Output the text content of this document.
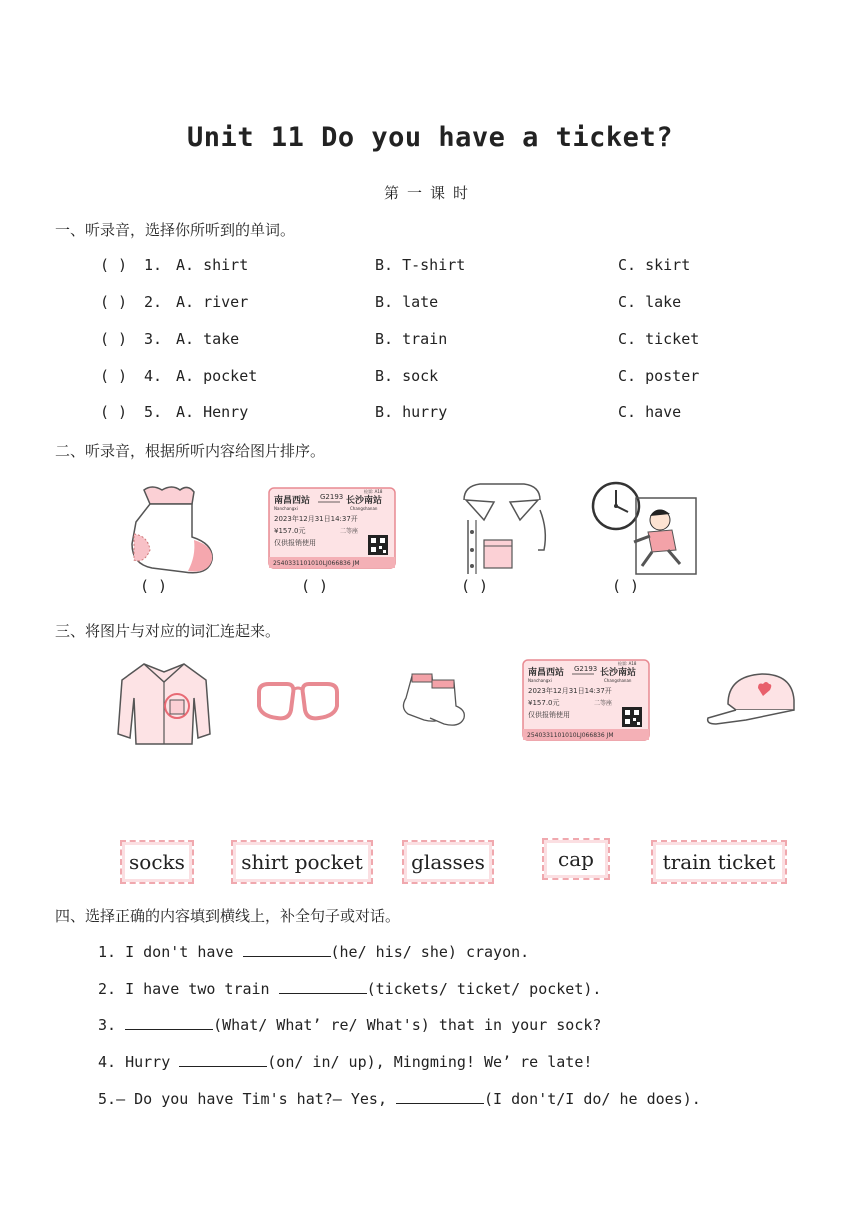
Unit 11 Do you have a ticket?
第一课时
一、听录音，选择你所听到的单词。
( ) 1. A. shirt	B. T-shirt	C. skirt
( ) 2. A. river	B. late	C. lake
( ) 3. A. take	B. train	C. ticket
( ) 4. A. pocket	B. sock	C. poster
( ) 5. A. Henry	B. hurry	C. have
二、听录音，根据所听内容给图片排序。
南昌西站 G2193 长沙南站
检票: A18
Nanchangxi	Changshanan
2023年12月31日14:37开
¥157.0元	二等座
仅供报销使用
2540331101010LJ066836 JM
( )	( )	( )	( )
三、将图片与对应的词汇连起来。
南昌西站 G2193 长沙南站
检票: A18
Nanchangxi	Changshanan
2023年12月31日14:37开
¥157.0元	二等座
仅供报销使用
2540331101010LJ066836 JM
socks	shirt pocket	glasses	cap	train ticket
四、选择正确的内容填到横线上，补全句子或对话。
1. I don't have	(he/ his/ she) crayon.
2. I have two train	(tickets/ ticket/ pocket).
3.	(What/ What’ re/ What's) that in your sock?
4. Hurry	(on/ in/ up), Mingming! We’ re late!
5.— Do you have Tim's hat?— Yes,	(I don't/I do/ he does).
